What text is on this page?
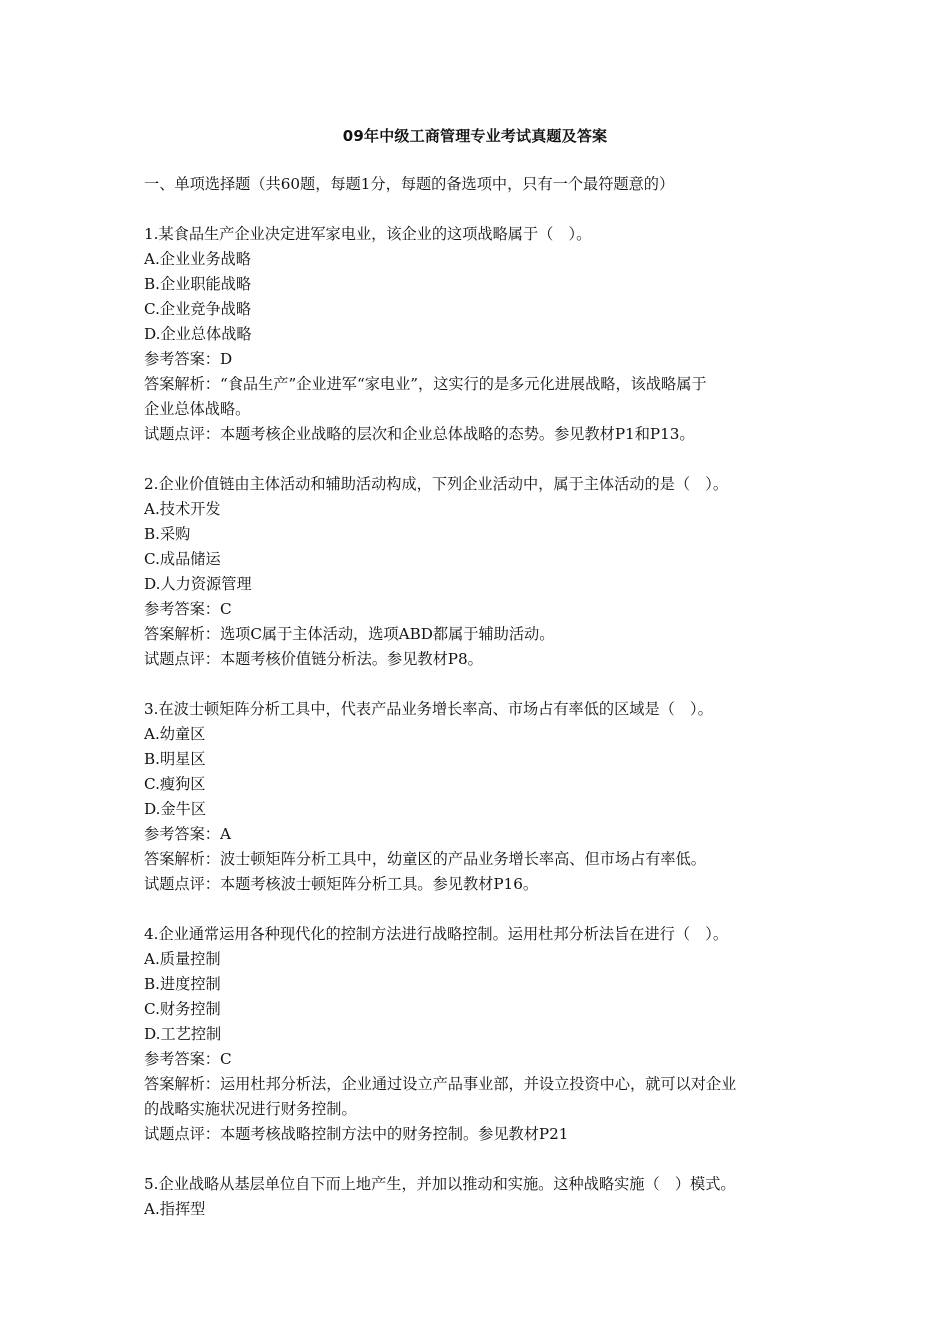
09年中级工商管理专业考试真题及答案
一、单项选择题（共60题，每题1分，每题的备选项中，只有一个最符题意的）
1.某食品生产企业决定进军家电业，该企业的这项战略属于（　）。
A.企业业务战略
B.企业职能战略
C.企业竞争战略
D.企业总体战略
参考答案：D
答案解析：“食品生产”企业进军“家电业”，这实行的是多元化进展战略，该战略属于
企业总体战略。
试题点评：本题考核企业战略的层次和企业总体战略的态势。参见教材P1和P13。
2.企业价值链由主体活动和辅助活动构成，下列企业活动中，属于主体活动的是（　）。
A.技术开发
B.采购
C.成品储运
D.人力资源管理
参考答案：C
答案解析：选项C属于主体活动，选项ABD都属于辅助活动。
试题点评：本题考核价值链分析法。参见教材P8。
3.在波士顿矩阵分析工具中，代表产品业务增长率高、市场占有率低的区域是（　）。
A.幼童区
B.明星区
C.瘦狗区
D.金牛区
参考答案：A
答案解析：波士顿矩阵分析工具中，幼童区的产品业务增长率高、但市场占有率低。
试题点评：本题考核波士顿矩阵分析工具。参见教材P16。
4.企业通常运用各种现代化的控制方法进行战略控制。运用杜邦分析法旨在进行（　）。
A.质量控制
B.进度控制
C.财务控制
D.工艺控制
参考答案：C
答案解析：运用杜邦分析法，企业通过设立产品事业部，并设立投资中心，就可以对企业
的战略实施状况进行财务控制。
试题点评：本题考核战略控制方法中的财务控制。参见教材P21
5.企业战略从基层单位自下而上地产生，并加以推动和实施。这种战略实施（　）模式。
A.指挥型
